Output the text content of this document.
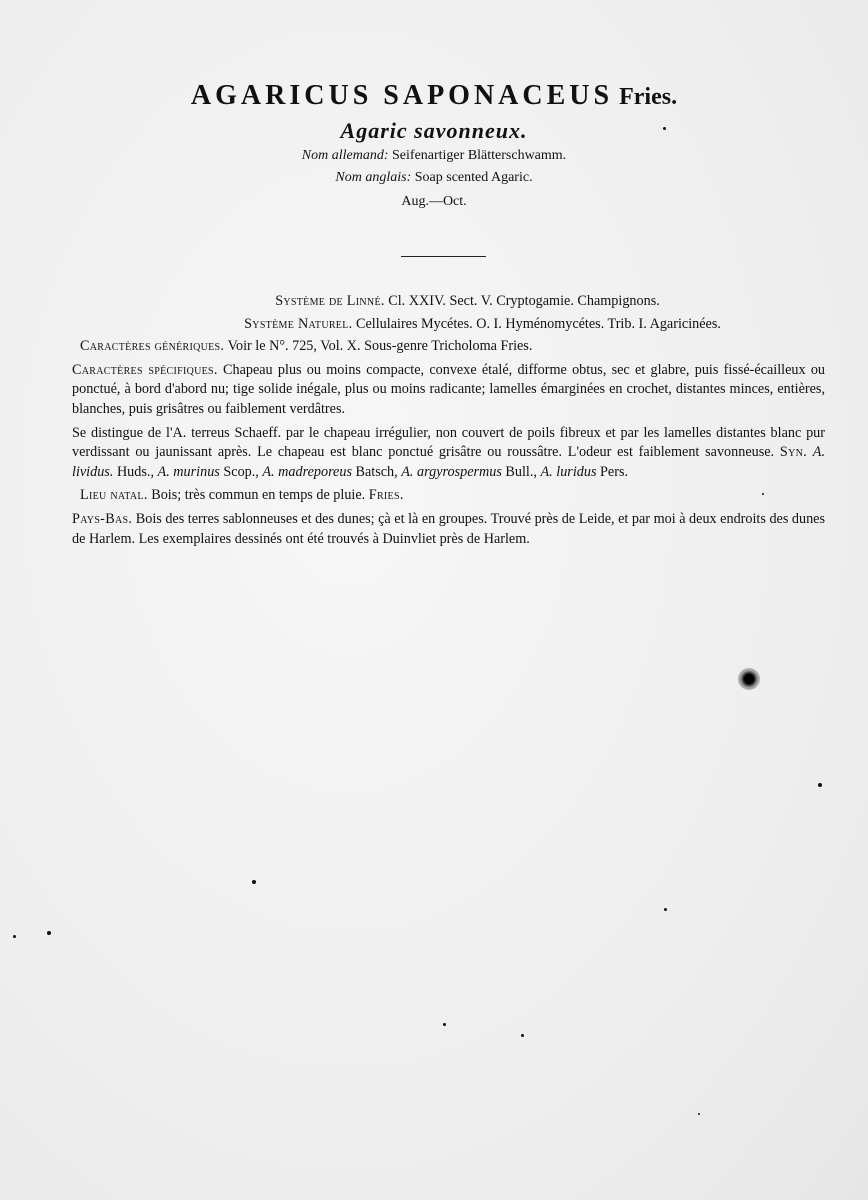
AGARICUS SAPONACEUS Fries.
Agaric savonneux.
Nom allemand: Seifenartiger Blätterschwamm.
Nom anglais: Soap scented Agaric.
Aug.—Oct.

Système de Linné. Cl. XXIV. Sect. V. Cryptogamie. Champignons.

Système Naturel. Cellulaires Mycétes. O. I. Hyménomycétes. Trib. I. Agaricinées.

Caractères génériques. Voir le N°. 725, Vol. X. Sous-genre Tricholoma Fries.

Caractères spécifiques. Chapeau plus ou moins compacte, convexe étalé, difforme obtus, sec et glabre, puis fissé-écailleux ou ponctué, à bord d'abord nu; tige solide inégale, plus ou moins radicante; lamelles émarginées en crochet, distantes minces, entières, blanches, puis grisâtres ou faiblement verdâtres.

Se distingue de l'A. terreus Schaeff. par le chapeau irrégulier, non couvert de poils fibreux et par les lamelles distantes blanc pur verdissant ou jaunissant après. Le chapeau est blanc ponctué grisâtre ou roussâtre. L'odeur est faiblement savonneuse. Syn. A. lividus. Huds., A. murinus Scop., A. madreporeus Batsch, A. argyrospermus Bull., A. luridus Pers.

Lieu natal. Bois; très commun en temps de pluie. Fries.

Pays-Bas. Bois des terres sablonneuses et des dunes; çà et là en groupes. Trouvé près de Leide, et par moi à deux endroits des dunes de Harlem. Les exemplaires dessinés ont été trouvés à Duinvliet près de Harlem.
